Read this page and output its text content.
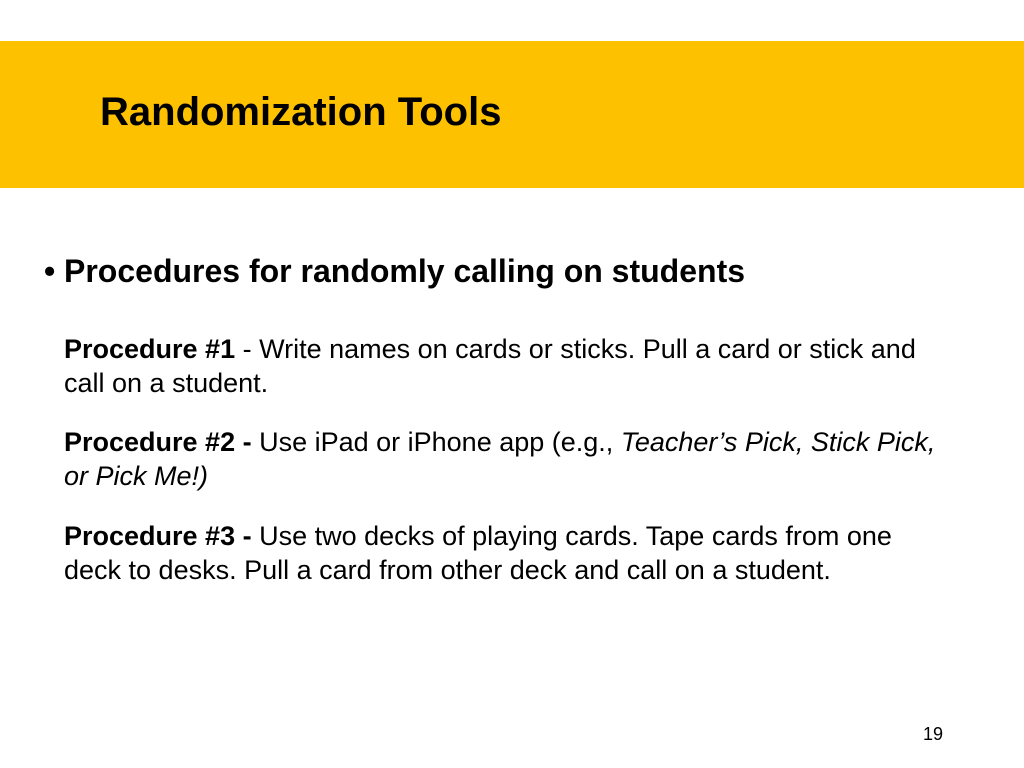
Randomization Tools
• Procedures for randomly calling on students

Procedure #1 - Write names on cards or sticks. Pull a card or stick and call on a student.

Procedure #2 - Use iPad or iPhone app (e.g., Teacher’s Pick, Stick Pick, or Pick Me!)

Procedure #3 - Use two decks of playing cards. Tape cards from one deck to desks. Pull a card from other deck and call on a student.

19
